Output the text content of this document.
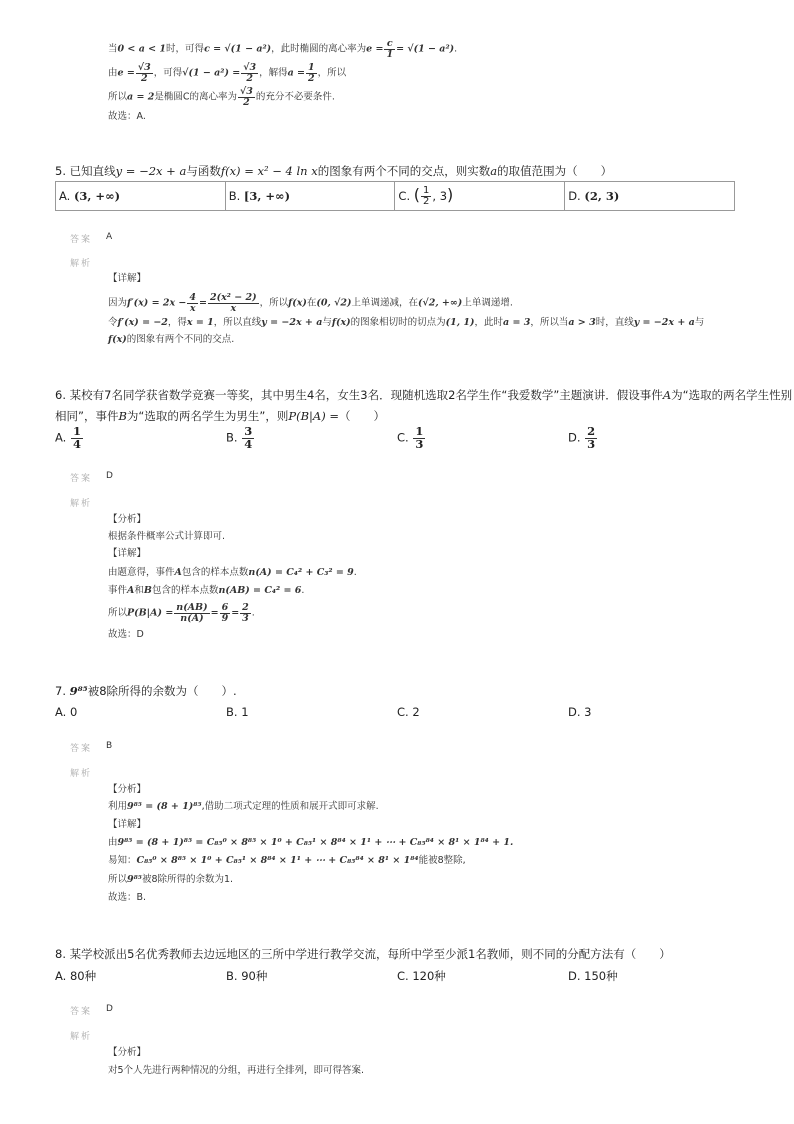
当0 < a < 1时，可得c = √(1 − a²)，此时椭圆的离心率为$e = \frac{c}{1} = √(1 - a^2)$.
由$e = \frac{√3}{2}$ ，可得$√(1 - a^2) = \frac{√3}{2}$ ，解得$a = \frac{1}{2}$ ，所以
所以a = 2是椭圆C的离心率为 $\frac{√3}{2}$ 的充分不必要条件.
故选：A.
5. 已知直线y = −2x + a与函数f(x) = x² − 4 ln x的图象有两个不同的交点，则实数a的取值范围为（　　）
A. (3, +∞)	B. [3, +∞)	C. ( $\frac{1}{2}$ , 3)	D. (2, 3)
答案 A
解析
【详解】
因为$f'(x) = 2x - \frac{4}{x} = \frac{\text{2(x² − 2)}}{x}$ ，所以f(x)在(0, √2)上单调递减，在(√2, +∞)上单调递增.
令f′(x) = −2，得x = 1，所以直线y = −2x + a与f(x)的图象相切时的切点为(1, 1)，此时a = 3，所以当a > 3时，直线y = −2x + a与
f(x)的图象有两个不同的交点.
6. 某校有7名同学获省数学竞赛一等奖，其中男生4名，女生3名．现随机选取2名学生作“我爱数学”主题演讲．假设事件A为“选取的两名学生性别
相同”，事件B为“选取的两名学生为男生”，则P(B|A) =（　　）
A. $\frac{1}{4}$	B. $\frac{3}{4}$	C. $\frac{1}{3}$	D. $\frac{2}{3}$
答案 D
解析
【分析】
根据条件概率公式计算即可.
【详解】
由题意得，事件A包含的样本点数n(A) = C₄² + C₃² = 9.
事件A和B包含的样本点数n(AB) = C₄² = 6.
所以$P(B|A) = \frac{n(AB)}{n(A)} = \frac{6}{9} = \frac{2}{3}$ .
故选：D
7. 9⁸⁵被8除所得的余数为（　　）.
A. 0	B. 1	C. 2	D. 3
答案 B
解析
【分析】
利用9⁸⁵ = (8 + 1)⁸⁵,借助二项式定理的性质和展开式即可求解.
【详解】
由9⁸⁵ = (8 + 1)⁸⁵ = C₈₅⁰ × 8⁸⁵ × 1⁰ + C₈₅¹ × 8⁸⁴ × 1¹ + ⋯ + C₈₅⁸⁴ × 8¹ × 1⁸⁴ + 1.
易知：C₈₅⁰ × 8⁸⁵ × 1⁰ + C₈₅¹ × 8⁸⁴ × 1¹ + ⋯ + C₈₅⁸⁴ × 8¹ × 1⁸⁴能被8整除,
所以9⁸⁵被8除所得的余数为1.
故选：B.
8. 某学校派出5名优秀教师去边远地区的三所中学进行教学交流，每所中学至少派1名教师，则不同的分配方法有（　　）
A. 80种	B. 90种	C. 120种	D. 150种
答案 D
解析
【分析】
对5个人先进行两种情况的分组，再进行全排列，即可得答案.
